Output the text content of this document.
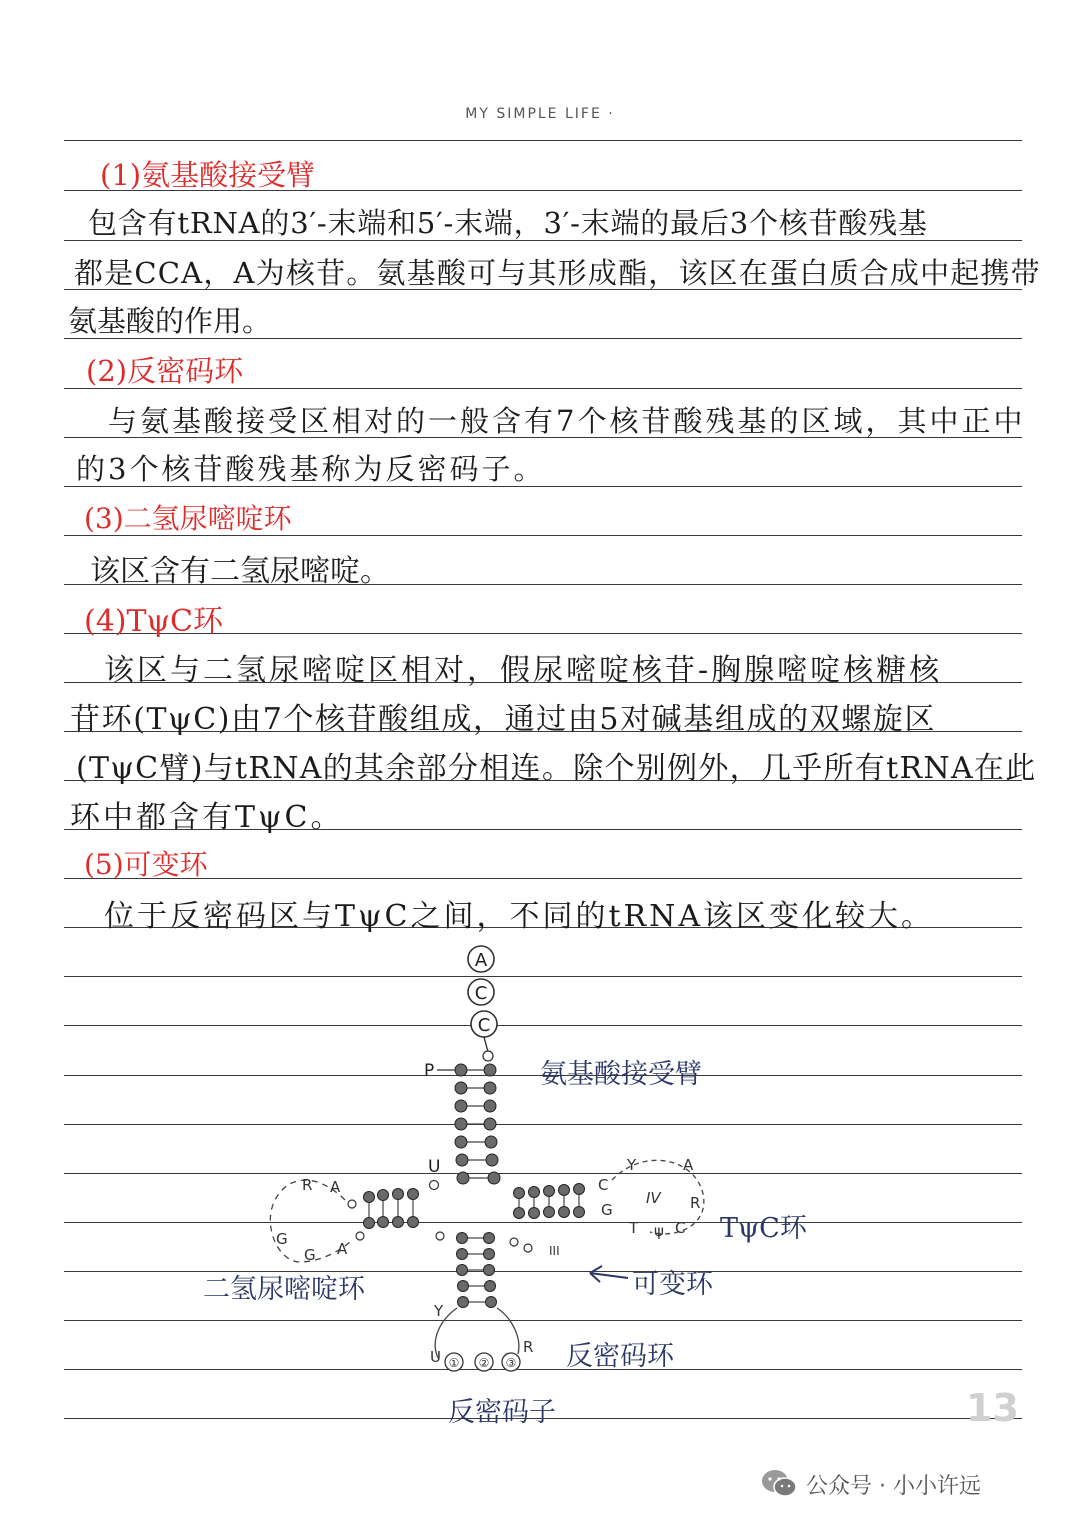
MY SIMPLE LIFE ·
(1)氨基酸接受臂
包含有tRNA的3′-末端和5′-末端，3′-末端的最后3个核苷酸残基
都是CCA，A为核苷。氨基酸可与其形成酯，该区在蛋白质合成中起携带
氨基酸的作用。
(2)反密码环
与氨基酸接受区相对的一般含有7个核苷酸残基的区域，其中正中
的3个核苷酸残基称为反密码子。
(3)二氢尿嘧啶环
该区含有二氢尿嘧啶。
(4)TψC环
该区与二氢尿嘧啶区相对，假尿嘧啶核苷-胸腺嘧啶核糖核
苷环(TψC)由7个核苷酸组成，通过由5对碱基组成的双螺旋区
(TψC臂)与tRNA的其余部分相连。除个别例外，几乎所有tRNA在此
环中都含有TψC。
(5)可变环
位于反密码区与TψC之间，不同的tRNA该区变化较大。
A
C
C
P
U
R A
G
G A
C
Y	A
R
C
G
T ψ
IV
III
Y
U
R
① ② ③
氨基酸接受臂
TψC环
二氢尿嘧啶环	可变环
反密码环
反密码子	13
公众号 · 小小许远
